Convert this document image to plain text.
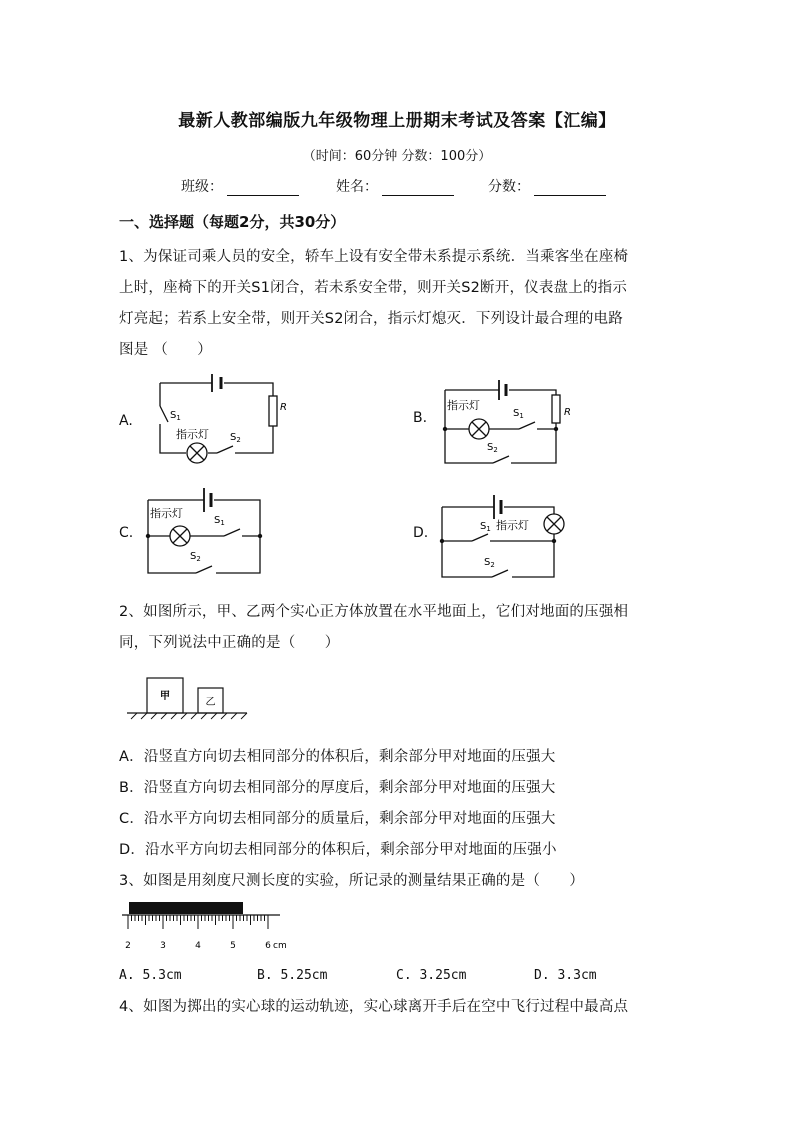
最新人教部编版九年级物理上册期末考试及答案【汇编】
（时间：60分钟 分数：100分）
班级：	姓名：	分数：
一、选择题（每题2分，共30分）
1、为保证司乘人员的安全，轿车上设有安全带未系提示系统．当乘客坐在座椅
上时，座椅下的开关S1闭合，若未系安全带，则开关S2断开，仪表盘上的指示
灯亮起；若系上安全带，则开关S2闭合，指示灯熄灭．下列设计最合理的电路
图是 （　　）
A.
R
$S_1$
指示灯 $S_2$
B.	R
指示灯
$S_1$
$S_2$
C.
指示灯
$S_1$
$S_2$
D.	$S_1$ 指示灯
$S_2$
2、如图所示，甲、乙两个实心正方体放置在水平地面上，它们对地面的压强相
同，下列说法中正确的是（　　）
甲
乙
A．沿竖直方向切去相同部分的体积后，剩余部分甲对地面的压强大
B．沿竖直方向切去相同部分的厚度后，剩余部分甲对地面的压强大
C．沿水平方向切去相同部分的质量后，剩余部分甲对地面的压强大
D．沿水平方向切去相同部分的体积后，剩余部分甲对地面的压强小
3、如图是用刻度尺测长度的实验，所记录的测量结果正确的是（　　）
2	3	4	5	6 cm
A. 5.3cm	B. 5.25cm	C. 3.25cm	D. 3.3cm
4、如图为掷出的实心球的运动轨迹，实心球离开手后在空中飞行过程中最高点
